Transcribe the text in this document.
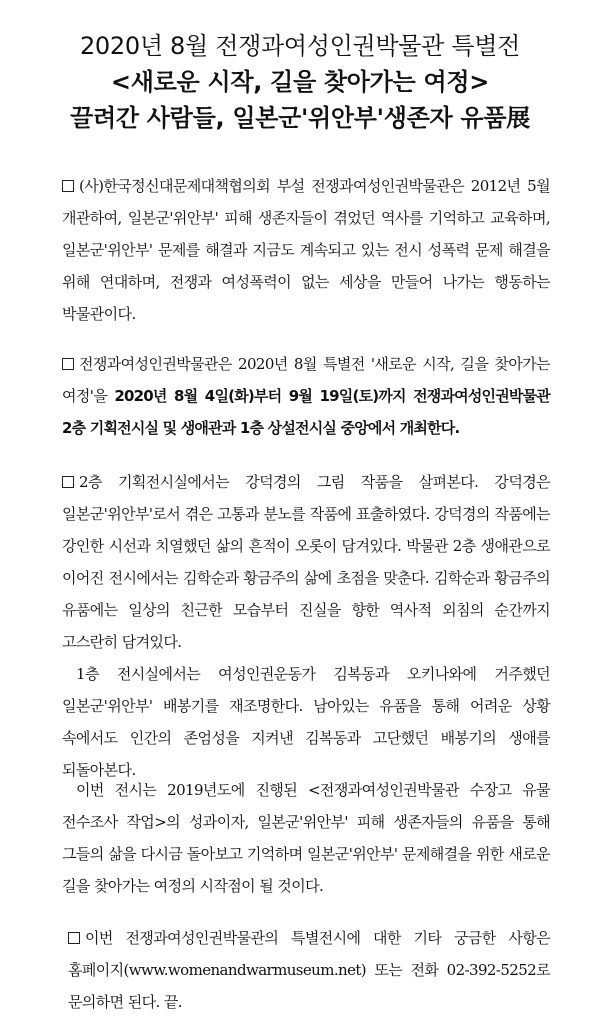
2020년 8월 전쟁과여성인권박물관 특별전
<새로운 시작, 길을 찾아가는 여정>
끌려간 사람들, 일본군'위안부'생존자 유품展
(사)한국정신대문제대책협의회 부설 전쟁과여성인권박물관은 2012년 5월 개관하여, 일본군'위안부' 피해 생존자들이 겪었던 역사를 기억하고 교육하며, 일본군'위안부' 문제를 해결과 지금도 계속되고 있는 전시 성폭력 문제 해결을 위해 연대하며, 전쟁과 여성폭력이 없는 세상을 만들어 나가는 행동하는 박물관이다.
전쟁과여성인권박물관은 2020년 8월 특별전 '새로운 시작, 길을 찾아가는 여정'을 2020년 8월 4일(화)부터 9월 19일(토)까지 전쟁과여성인권박물관 2층 기획전시실 및 생애관과 1층 상설전시실 중앙에서 개최한다.
2층 기획전시실에서는 강덕경의 그림 작품을 살펴본다. 강덕경은 일본군'위안부'로서 겪은 고통과 분노를 작품에 표출하였다. 강덕경의 작품에는 강인한 시선과 치열했던 삶의 흔적이 오롯이 담겨있다. 박물관 2층 생애관으로 이어진 전시에서는 김학순과 황금주의 삶에 초점을 맞춘다. 김학순과 황금주의 유품에는 일상의 친근한 모습부터 진실을 향한 역사적 외침의 순간까지 고스란히 담겨있다.
1층 전시실에서는 여성인권운동가 김복동과 오키나와에 거주했던 일본군'위안부' 배봉기를 재조명한다. 남아있는 유품을 통해 어려운 상황 속에서도 인간의 존엄성을 지켜낸 김복동과 고단했던 배봉기의 생애를 되돌아본다.
이번 전시는 2019년도에 진행된 <전쟁과여성인권박물관 수장고 유물 전수조사 작업>의 성과이자, 일본군'위안부' 피해 생존자들의 유품을 통해 그들의 삶을 다시금 돌아보고 기억하며 일본군'위안부' 문제해결을 위한 새로운 길을 찾아가는 여정의 시작점이 될 것이다.
이번 전쟁과여성인권박물관의 특별전시에 대한 기타 궁금한 사항은 홈페이지(www.womenandwarmuseum.net) 또는 전화 02-392-5252로 문의하면 된다. 끝.
